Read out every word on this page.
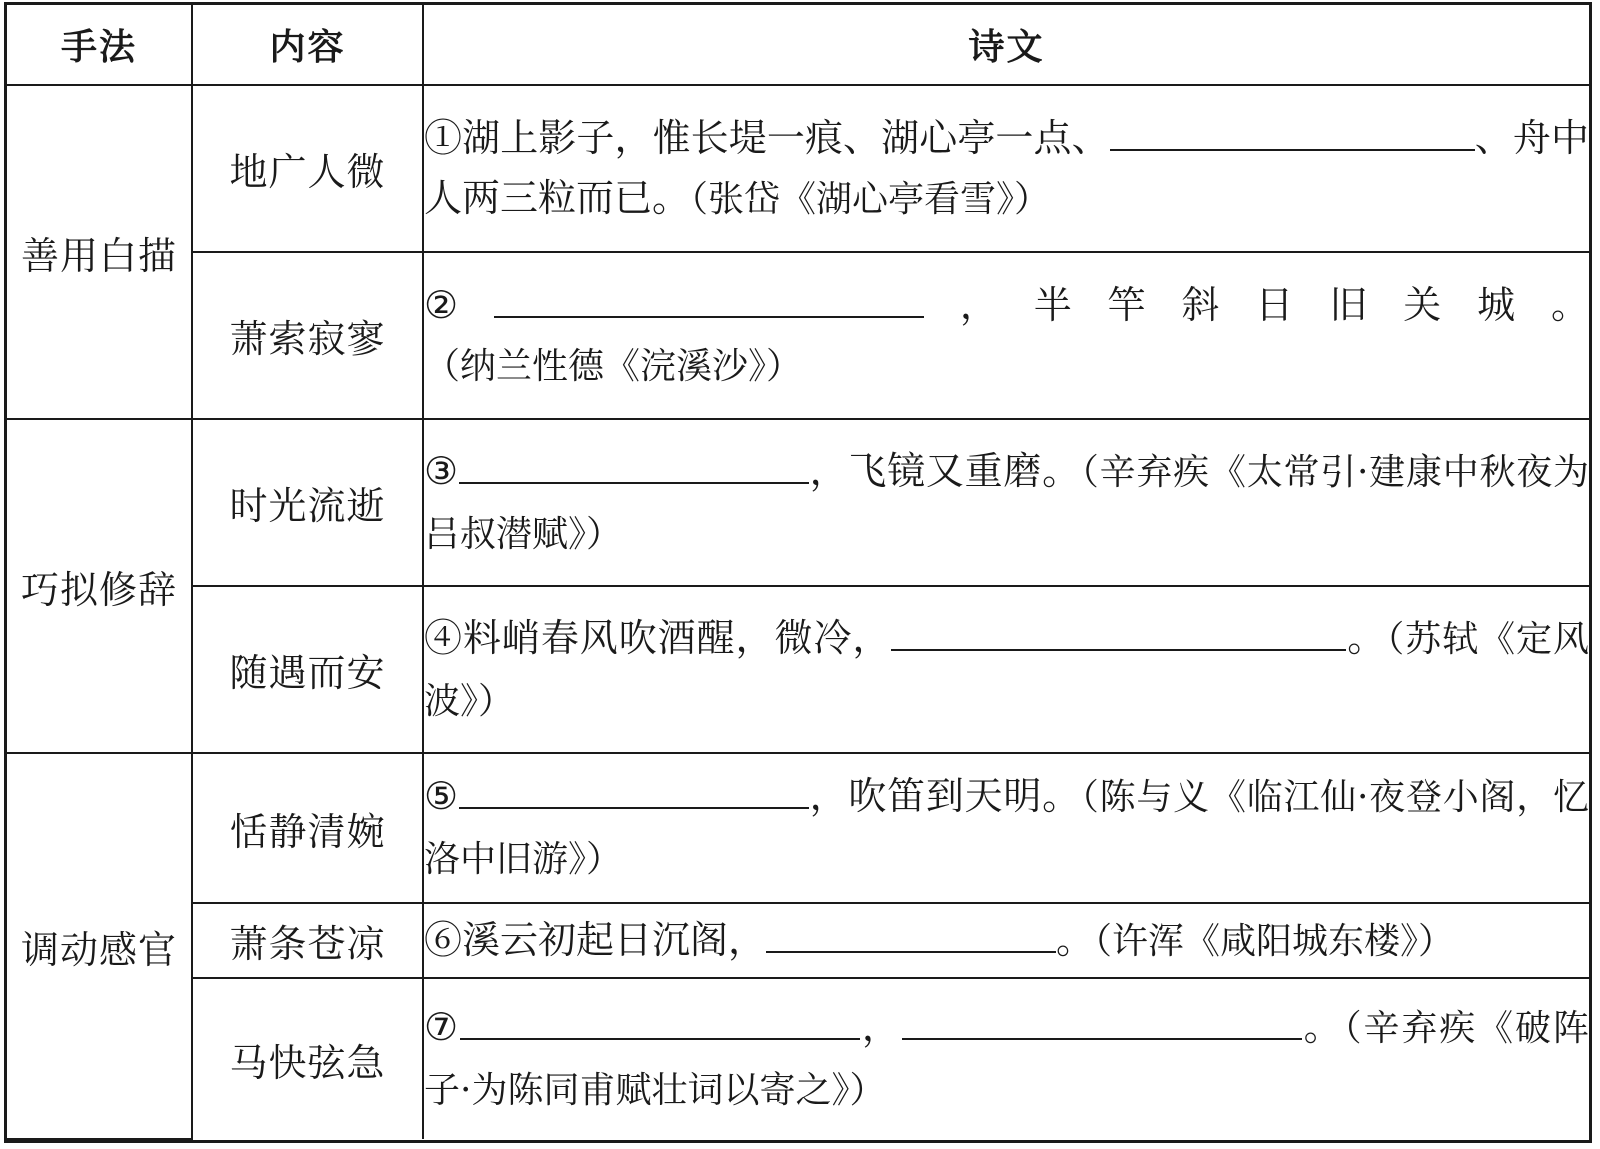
手法	内容	诗文
善用白描	地广人微	①湖上影子，惟长堤一痕、湖心亭一点、 、舟中人两三粒而已。（张岱《湖心亭看雪》）
	萧索寂寥	② ，半竿斜日旧关城。（纳兰性德《浣溪沙》）
巧拟修辞	时光流逝	③ ，飞镜又重磨。（辛弃疾《太常引·建康中秋夜为吕叔潜赋》）
	随遇而安	④料峭春风吹酒醒，微冷， 。（苏轼《定风波》）
调动感官	恬静清婉	⑤ ，吹笛到天明。（陈与义《临江仙·夜登小阁，忆洛中旧游》）
	萧条苍凉	⑥溪云初起日沉阁， 。（许浑《咸阳城东楼》）
	马快弦急	⑦ ， 。（辛弃疾《破阵子·为陈同甫赋壮词以寄之》）
